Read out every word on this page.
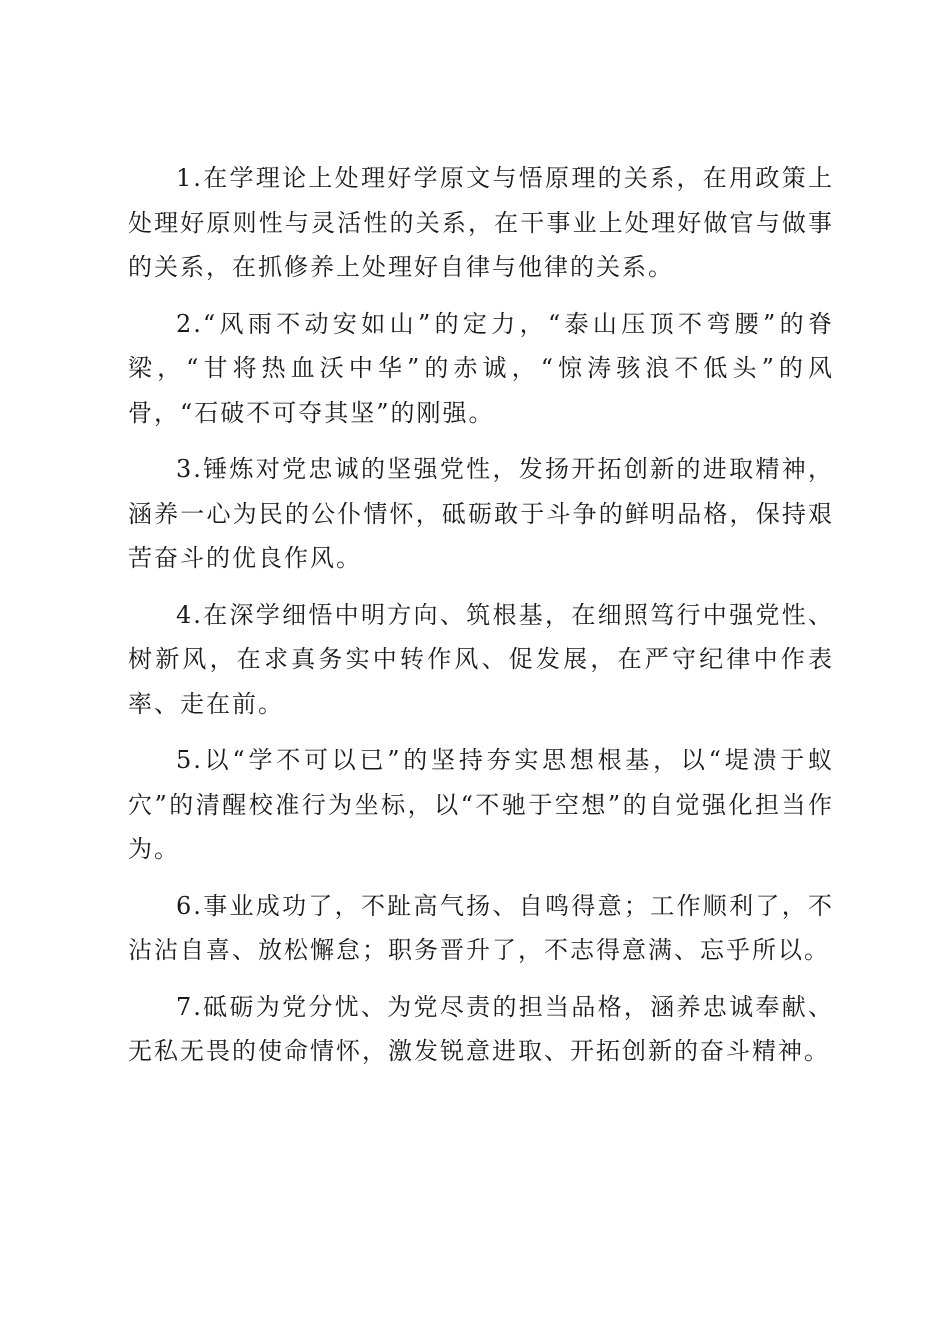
1.在学理论上处理好学原文与悟原理的关系，在用政策上处理好原则性与灵活性的关系，在干事业上处理好做官与做事的关系，在抓修养上处理好自律与他律的关系。

2.“风雨不动安如山”的定力，“泰山压顶不弯腰”的脊梁，“甘将热血沃中华”的赤诚，“惊涛骇浪不低头”的风骨，“石破不可夺其坚”的刚强。

3.锤炼对党忠诚的坚强党性，发扬开拓创新的进取精神，涵养一心为民的公仆情怀，砥砺敢于斗争的鲜明品格，保持艰苦奋斗的优良作风。

4.在深学细悟中明方向、筑根基，在细照笃行中强党性、树新风，在求真务实中转作风、促发展，在严守纪律中作表率、走在前。

5.以“学不可以已”的坚持夯实思想根基，以“堤溃于蚁穴”的清醒校准行为坐标，以“不驰于空想”的自觉强化担当作为。

6.事业成功了，不趾高气扬、自鸣得意；工作顺利了，不沾沾自喜、放松懈怠；职务晋升了，不志得意满、忘乎所以。

7.砥砺为党分忧、为党尽责的担当品格，涵养忠诚奉献、无私无畏的使命情怀，激发锐意进取、开拓创新的奋斗精神。
